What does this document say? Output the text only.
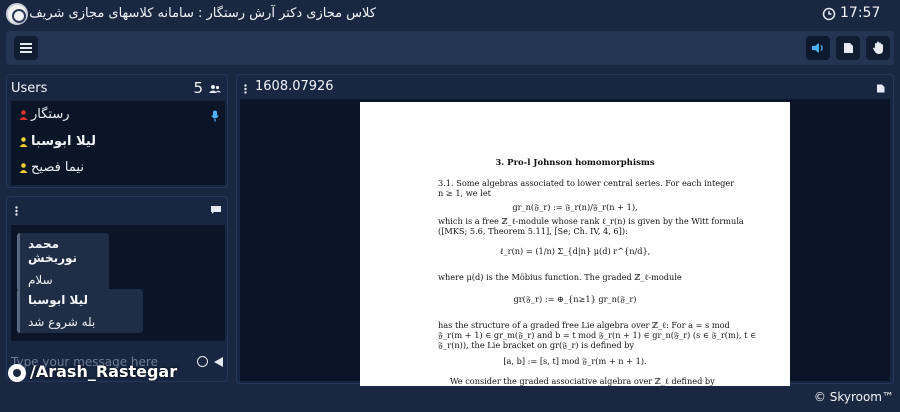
کلاس مجازی دکتر آرش رستگار : سامانه کلاسهای مجازی شریف	17:57
Users	5
رستگار
لیلا ابوسبا
نیما فصیح
محمد نوربخش
سلام
لیلا ابوسبا
بله شروع شد
Type your message here
1608.07926
3. Pro-l Johnson homomorphisms
3.1. Some algebras associated to lower central series. For each integer
n ≥ 1, we let
gr_n(𝔉_r) := 𝔉_r(n)/𝔉_r(n + 1),
which is a free ℤ_ℓ-module whose rank ℓ_r(n) is given by the Witt formula
([MKS; 5.6, Theorem 5.11], [Se; Ch. IV, 4, 6]):
ℓ_r(n) = (1/n) Σ_{d|n} μ(d) r^{n/d},
where μ(d) is the Möbius function. The graded ℤ_ℓ-module
gr(𝔉_r) := ⊕_{n≥1} gr_n(𝔉_r)
has the structure of a graded free Lie algebra over ℤ_ℓ: For a = s mod
𝔉_r(m + 1) ∈ gr_m(𝔉_r) and b = t mod 𝔉_r(n + 1) ∈ gr_n(𝔉_r) (s ∈ 𝔉_r(m), t ∈
𝔉_r(n)), the Lie bracket on gr(𝔉_r) is defined by
[a, b] := [s, t] mod 𝔉_r(m + n + 1).
We consider the graded associative algebra over ℤ_ℓ defined by
/Arash_Rastegar
© Skyroom™
